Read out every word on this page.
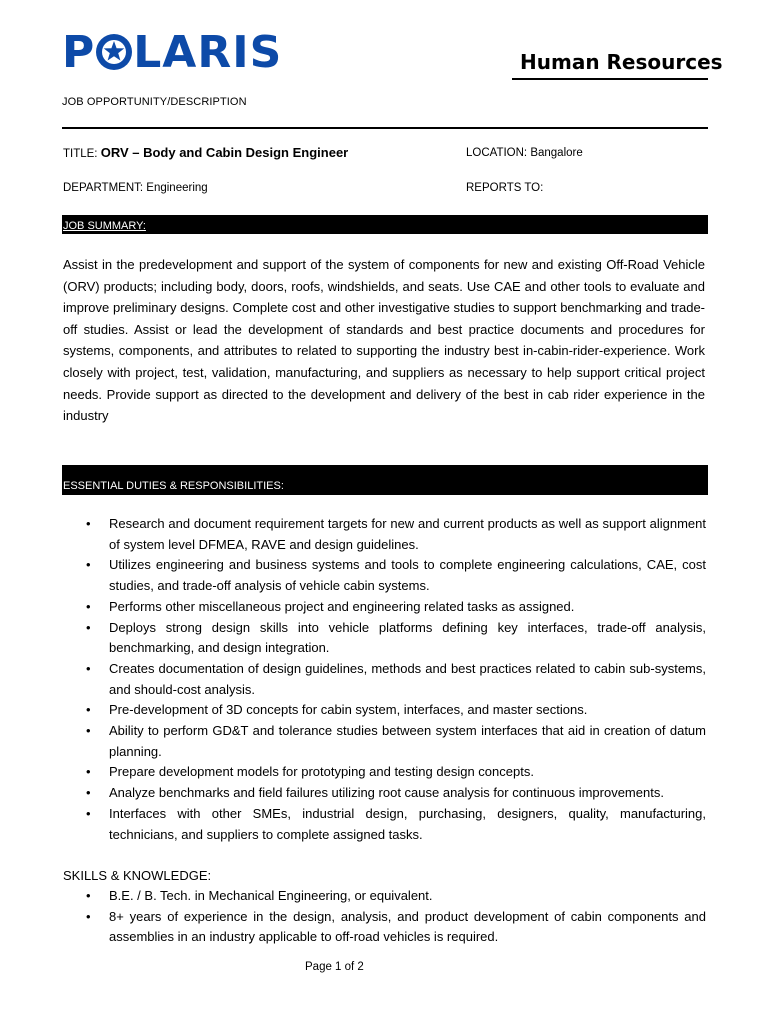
P LARIS	Human Resources
JOB OPPORTUNITY/DESCRIPTION
TITLE: ORV – Body and Cabin Design Engineer	LOCATION: Bangalore
DEPARTMENT: Engineering	REPORTS TO:
JOB SUMMARY:

Assist in the predevelopment and support of the system of components for new and existing Off-Road Vehicle (ORV) products; including body, doors, roofs, windshields, and seats. Use CAE and other tools to evaluate and improve preliminary designs. Complete cost and other investigative studies to support benchmarking and trade-off studies. Assist or lead the development of standards and best practice documents and procedures for systems, components, and attributes to related to supporting the industry best in-cabin-rider-experience. Work closely with project, test, validation, manufacturing, and suppliers as necessary to help support critical project needs. Provide support as directed to the development and delivery of the best in cab rider experience in the industry

ESSENTIAL DUTIES & RESPONSIBILITIES:
•	Research and document requirement targets for new and current products as well as support alignment of system level DFMEA, RAVE and design guidelines.
•	Utilizes engineering and business systems and tools to complete engineering calculations, CAE, cost studies, and trade-off analysis of vehicle cabin systems.
•	Performs other miscellaneous project and engineering related tasks as assigned.
•	Deploys strong design skills into vehicle platforms defining key interfaces, trade-off analysis, benchmarking, and design integration.
•	Creates documentation of design guidelines, methods and best practices related to cabin sub-systems, and should-cost analysis.
•	Pre-development of 3D concepts for cabin system, interfaces, and master sections.
•	Ability to perform GD&T and tolerance studies between system interfaces that aid in creation of datum planning.
•	Prepare development models for prototyping and testing design concepts.
•	Analyze benchmarks and field failures utilizing root cause analysis for continuous improvements.
•	Interfaces with other SMEs, industrial design, purchasing, designers, quality, manufacturing, technicians, and suppliers to complete assigned tasks.
SKILLS & KNOWLEDGE:
•	B.E. / B. Tech. in Mechanical Engineering, or equivalent.
•	8+ years of experience in the design, analysis, and product development of cabin components and assemblies in an industry applicable to off-road vehicles is required.
Page 1 of 2
